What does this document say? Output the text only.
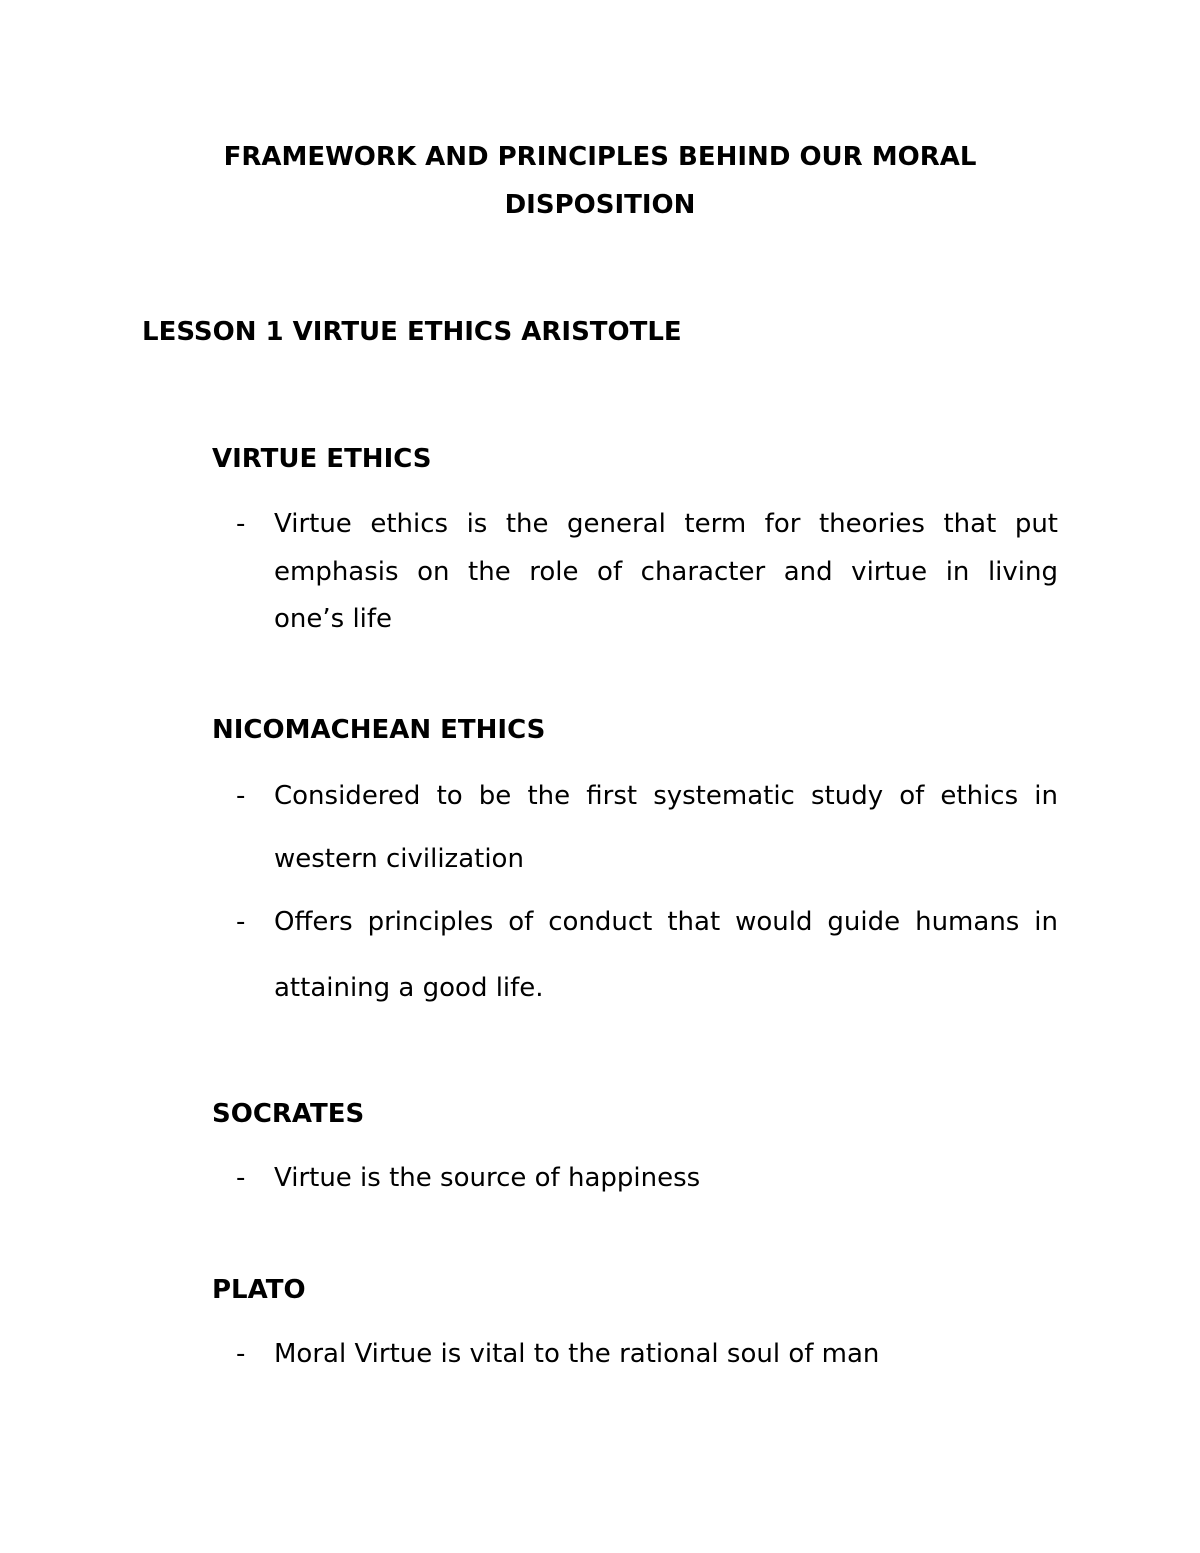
FRAMEWORK AND PRINCIPLES BEHIND OUR MORAL
DISPOSITION
LESSON 1 VIRTUE ETHICS ARISTOTLE
VIRTUE ETHICS
- Virtue ethics is the general term for theories that put
emphasis on the role of character and virtue in living
one’s life
NICOMACHEAN ETHICS
- Considered to be the first systematic study of ethics in
western civilization
- Offers principles of conduct that would guide humans in
attaining a good life.
SOCRATES
- Virtue is the source of happiness
PLATO
- Moral Virtue is vital to the rational soul of man
